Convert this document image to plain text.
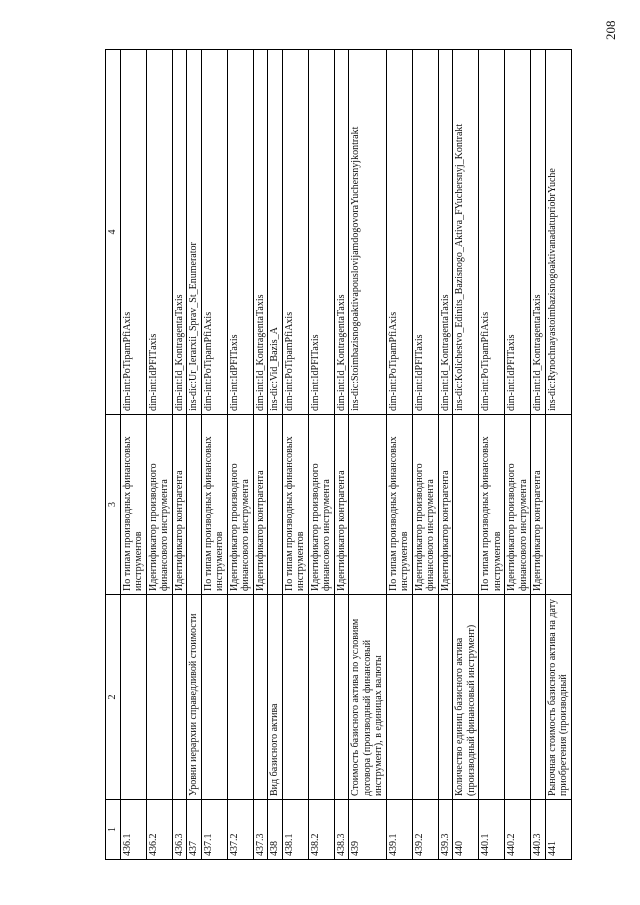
1	2	3	4
436.1		По типам производных финансовых инструментов	dim-int:PoTipamPfiAxis
436.2		Идентификатор производного финансового инструмента	dim-int:IdPFIТaxis
436.3		Идентификатор контрагента	dim-int:Id_KontragentaTaxis
437	Уровни иерархии справедливой стоимости		ins-dic:Ur_Ierarxii_Sprav_St_Enumerator
437.1		По типам производных финансовых инструментов	dim-int:PoTipamPfiAxis
437.2		Идентификатор производного финансового инструмента	dim-int:IdPFITaxis
437.3		Идентификатор контрагента	dim-int:Id_KontragentaTaxis
438	Вид базисного актива		ins-dic:Vid_Bazis_A
438.1		По типам производных финансовых инструментов	dim-int:PoTipamPfiAxis
438.2		Идентификатор производного финансового инструмента	dim-int:IdPFITaxis
438.3		Идентификатор контрагента	dim-int:Id_KontragentaTaxis
439	Стоимость базисного актива по условиям договора (производный финансовый инструмент), в единицах валюты		ins-dic:StoimbazisnogoaktivapouslovijamdogovoraYuchersnyjkontrakt
439.1		По типам производных финансовых инструментов	dim-int:PoTipamPfiAxis
439.2		Идентификатор производного финансового инструмента	dim-int:IdPFITaxis
439.3		Идентификатор контрагента	dim-int:Id_KontragentaTaxis
440	Количество единиц базисного актива (производный финансовый инструмент)		ins-dic:Kolichestvo_Edinits_Bazisnogo_Aktiva_FYuchersnyj_Kontrakt
440.1		По типам производных финансовых инструментов	dim-int:PoTipamPfiAxis
440.2		Идентификатор производного финансового инструмента	dim-int:IdPFITaxis
440.3		Идентификатор контрагента	dim-int:Id_KontragentaTaxis
441	Рыночная стоимость базисного актива на дату приобретения (производный		ins-dic:RynochnayastoimbazisnogoaktivanadatupriobrYuche
208
